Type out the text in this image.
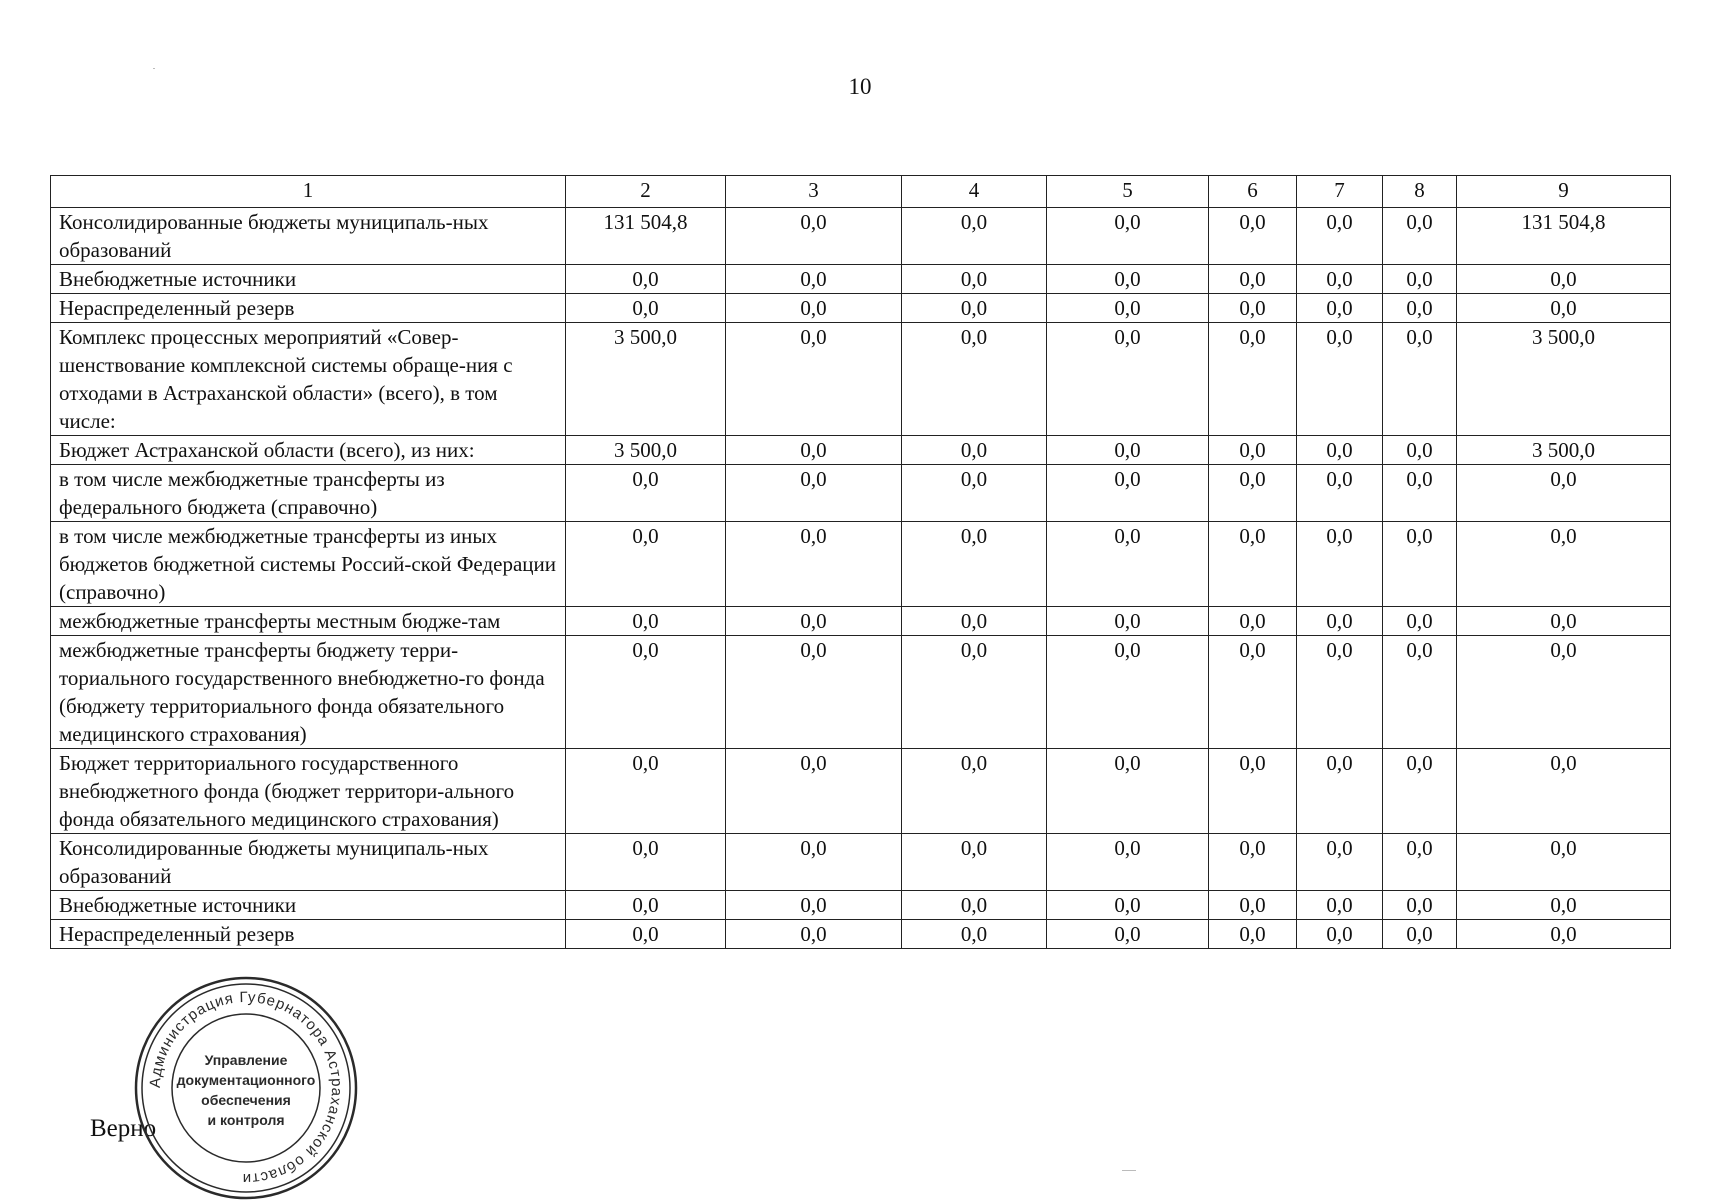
10
1	2	3	4	5	6	7	8	9
Консолидированные бюджеты муниципаль-ных образований	131 504,8	0,0	0,0	0,0	0,0	0,0	0,0	131 504,8
Внебюджетные источники	0,0	0,0	0,0	0,0	0,0	0,0	0,0	0,0
Нераспределенный резерв	0,0	0,0	0,0	0,0	0,0	0,0	0,0	0,0
Комплекс процессных мероприятий «Совер-шенствование комплексной системы обраще-ния с отходами в Астраханской области» (всего), в том числе:	3 500,0	0,0	0,0	0,0	0,0	0,0	0,0	3 500,0
Бюджет Астраханской области (всего), из них:	3 500,0	0,0	0,0	0,0	0,0	0,0	0,0	3 500,0
в том числе межбюджетные трансферты из федерального бюджета (справочно)	0,0	0,0	0,0	0,0	0,0	0,0	0,0	0,0
в том числе межбюджетные трансферты из иных бюджетов бюджетной системы Россий-ской Федерации (справочно)	0,0	0,0	0,0	0,0	0,0	0,0	0,0	0,0
межбюджетные трансферты местным бюдже-там	0,0	0,0	0,0	0,0	0,0	0,0	0,0	0,0
межбюджетные трансферты бюджету терри-ториального государственного внебюджетно-го фонда (бюджету территориального фонда обязательного медицинского страхования)	0,0	0,0	0,0	0,0	0,0	0,0	0,0	0,0
Бюджет территориального государственного внебюджетного фонда (бюджет территори-ального фонда обязательного медицинского страхования)	0,0	0,0	0,0	0,0	0,0	0,0	0,0	0,0
Консолидированные бюджеты муниципаль-ных образований	0,0	0,0	0,0	0,0	0,0	0,0	0,0	0,0
Внебюджетные источники	0,0	0,0	0,0	0,0	0,0	0,0	0,0	0,0
Нераспределенный резерв	0,0	0,0	0,0	0,0	0,0	0,0	0,0	0,0
Верно
Администрация Губернатора Астраханской области
Управление
документационного
обеспечения
и контроля
